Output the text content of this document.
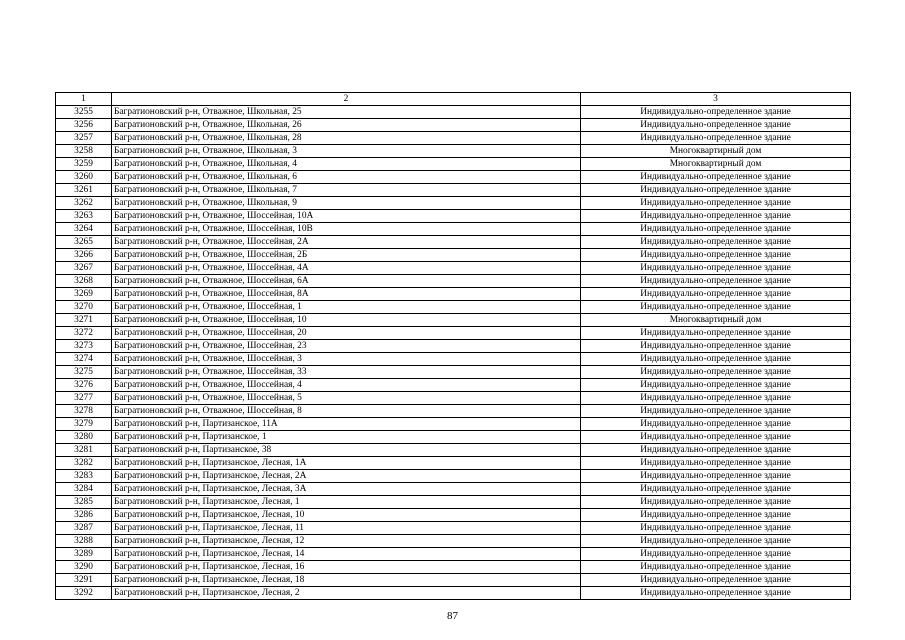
1	2	3
3255	Багратионовский р-н, Отважное, Школьная, 25	Индивидуально-определенное здание
3256	Багратионовский р-н, Отважное, Школьная, 26	Индивидуально-определенное здание
3257	Багратионовский р-н, Отважное, Школьная, 28	Индивидуально-определенное здание
3258	Багратионовский р-н, Отважное, Школьная, 3	Многоквартирный дом
3259	Багратионовский р-н, Отважное, Школьная, 4	Многоквартирный дом
3260	Багратионовский р-н, Отважное, Школьная, 6	Индивидуально-определенное здание
3261	Багратионовский р-н, Отважное, Школьная, 7	Индивидуально-определенное здание
3262	Багратионовский р-н, Отважное, Школьная, 9	Индивидуально-определенное здание
3263	Багратионовский р-н, Отважное, Шоссейная, 10А	Индивидуально-определенное здание
3264	Багратионовский р-н, Отважное, Шоссейная, 10В	Индивидуально-определенное здание
3265	Багратионовский р-н, Отважное, Шоссейная, 2А	Индивидуально-определенное здание
3266	Багратионовский р-н, Отважное, Шоссейная, 2Б	Индивидуально-определенное здание
3267	Багратионовский р-н, Отважное, Шоссейная, 4А	Индивидуально-определенное здание
3268	Багратионовский р-н, Отважное, Шоссейная, 6А	Индивидуально-определенное здание
3269	Багратионовский р-н, Отважное, Шоссейная, 8А	Индивидуально-определенное здание
3270	Багратионовский р-н, Отважное, Шоссейная, 1	Индивидуально-определенное здание
3271	Багратионовский р-н, Отважное, Шоссейная, 10	Многоквартирный дом
3272	Багратионовский р-н, Отважное, Шоссейная, 20	Индивидуально-определенное здание
3273	Багратионовский р-н, Отважное, Шоссейная, 23	Индивидуально-определенное здание
3274	Багратионовский р-н, Отважное, Шоссейная, 3	Индивидуально-определенное здание
3275	Багратионовский р-н, Отважное, Шоссейная, 33	Индивидуально-определенное здание
3276	Багратионовский р-н, Отважное, Шоссейная, 4	Индивидуально-определенное здание
3277	Багратионовский р-н, Отважное, Шоссейная, 5	Индивидуально-определенное здание
3278	Багратионовский р-н, Отважное, Шоссейная, 8	Индивидуально-определенное здание
3279	Багратионовский р-н, Партизанское, 11А	Индивидуально-определенное здание
3280	Багратионовский р-н, Партизанское, 1	Индивидуально-определенное здание
3281	Багратионовский р-н, Партизанское, 38	Индивидуально-определенное здание
3282	Багратионовский р-н, Партизанское, Лесная, 1А	Индивидуально-определенное здание
3283	Багратионовский р-н, Партизанское, Лесная, 2А	Индивидуально-определенное здание
3284	Багратионовский р-н, Партизанское, Лесная, 3А	Индивидуально-определенное здание
3285	Багратионовский р-н, Партизанское, Лесная, 1	Индивидуально-определенное здание
3286	Багратионовский р-н, Партизанское, Лесная, 10	Индивидуально-определенное здание
3287	Багратионовский р-н, Партизанское, Лесная, 11	Индивидуально-определенное здание
3288	Багратионовский р-н, Партизанское, Лесная, 12	Индивидуально-определенное здание
3289	Багратионовский р-н, Партизанское, Лесная, 14	Индивидуально-определенное здание
3290	Багратионовский р-н, Партизанское, Лесная, 16	Индивидуально-определенное здание
3291	Багратионовский р-н, Партизанское, Лесная, 18	Индивидуально-определенное здание
3292	Багратионовский р-н, Партизанское, Лесная, 2	Индивидуально-определенное здание
87
